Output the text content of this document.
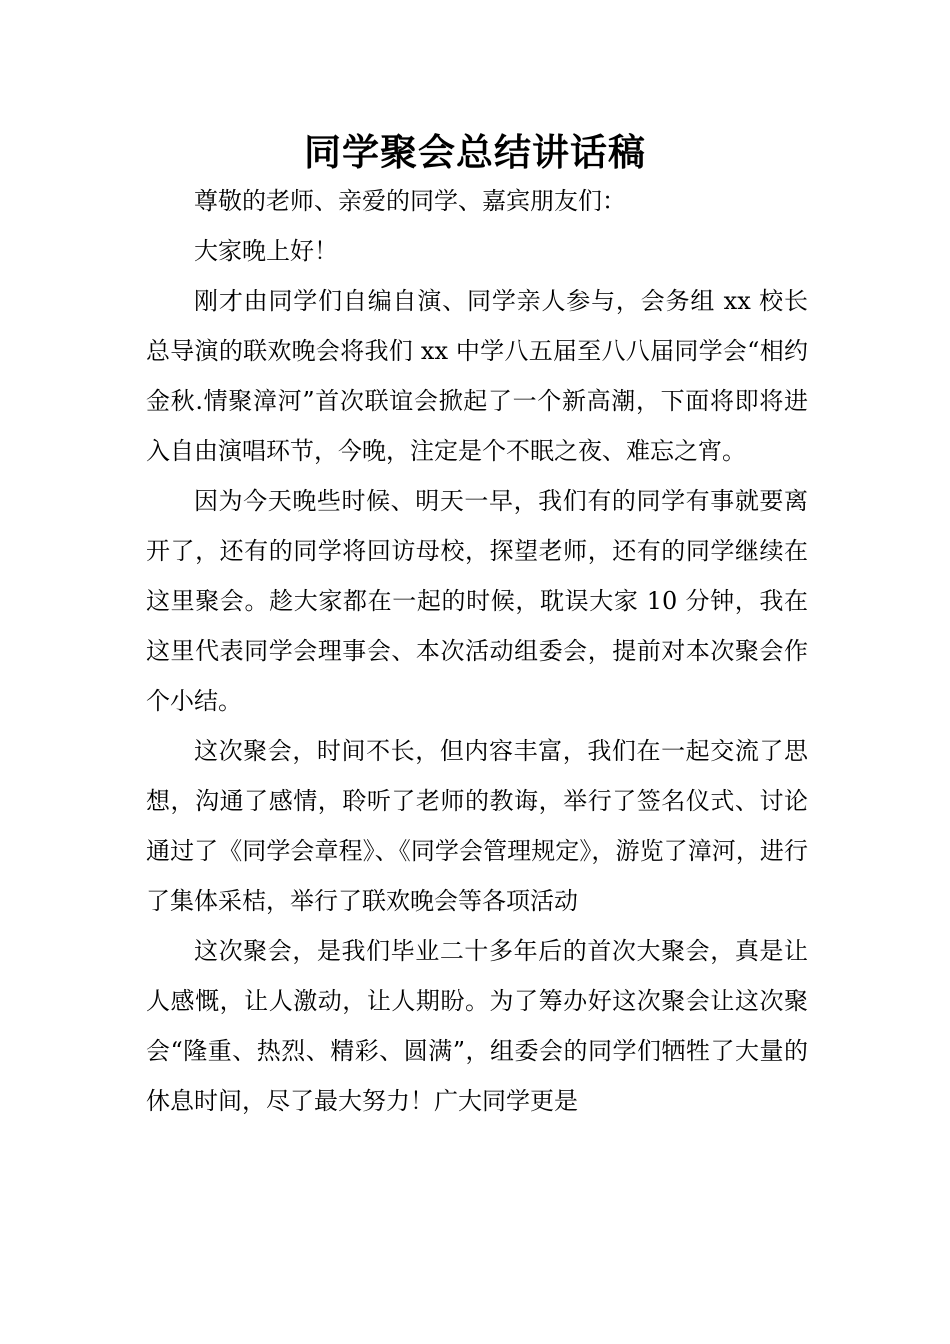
同学聚会总结讲话稿

尊敬的老师、亲爱的同学、嘉宾朋友们：

大家晚上好！

刚才由同学们自编自演、同学亲人参与，会务组 xx 校长总导演的联欢晚会将我们 xx 中学八五届至八八届同学会“相约金秋.情聚漳河”首次联谊会掀起了一个新高潮，下面将即将进入自由演唱环节，今晚，注定是个不眠之夜、难忘之宵。

因为今天晚些时候、明天一早，我们有的同学有事就要离开了，还有的同学将回访母校，探望老师，还有的同学继续在这里聚会。趁大家都在一起的时候，耽误大家 10 分钟，我在这里代表同学会理事会、本次活动组委会，提前对本次聚会作个小结。

这次聚会，时间不长，但内容丰富，我们在一起交流了思想，沟通了感情，聆听了老师的教诲，举行了签名仪式、讨论通过了《同学会章程》、《同学会管理规定》，游览了漳河，进行了集体采桔，举行了联欢晚会等各项活动

这次聚会，是我们毕业二十多年后的首次大聚会，真是让人感慨，让人激动，让人期盼。为了筹办好这次聚会让这次聚会“隆重、热烈、精彩、圆满”，组委会的同学们牺牲了大量的休息时间，尽了最大努力！广大同学更是
